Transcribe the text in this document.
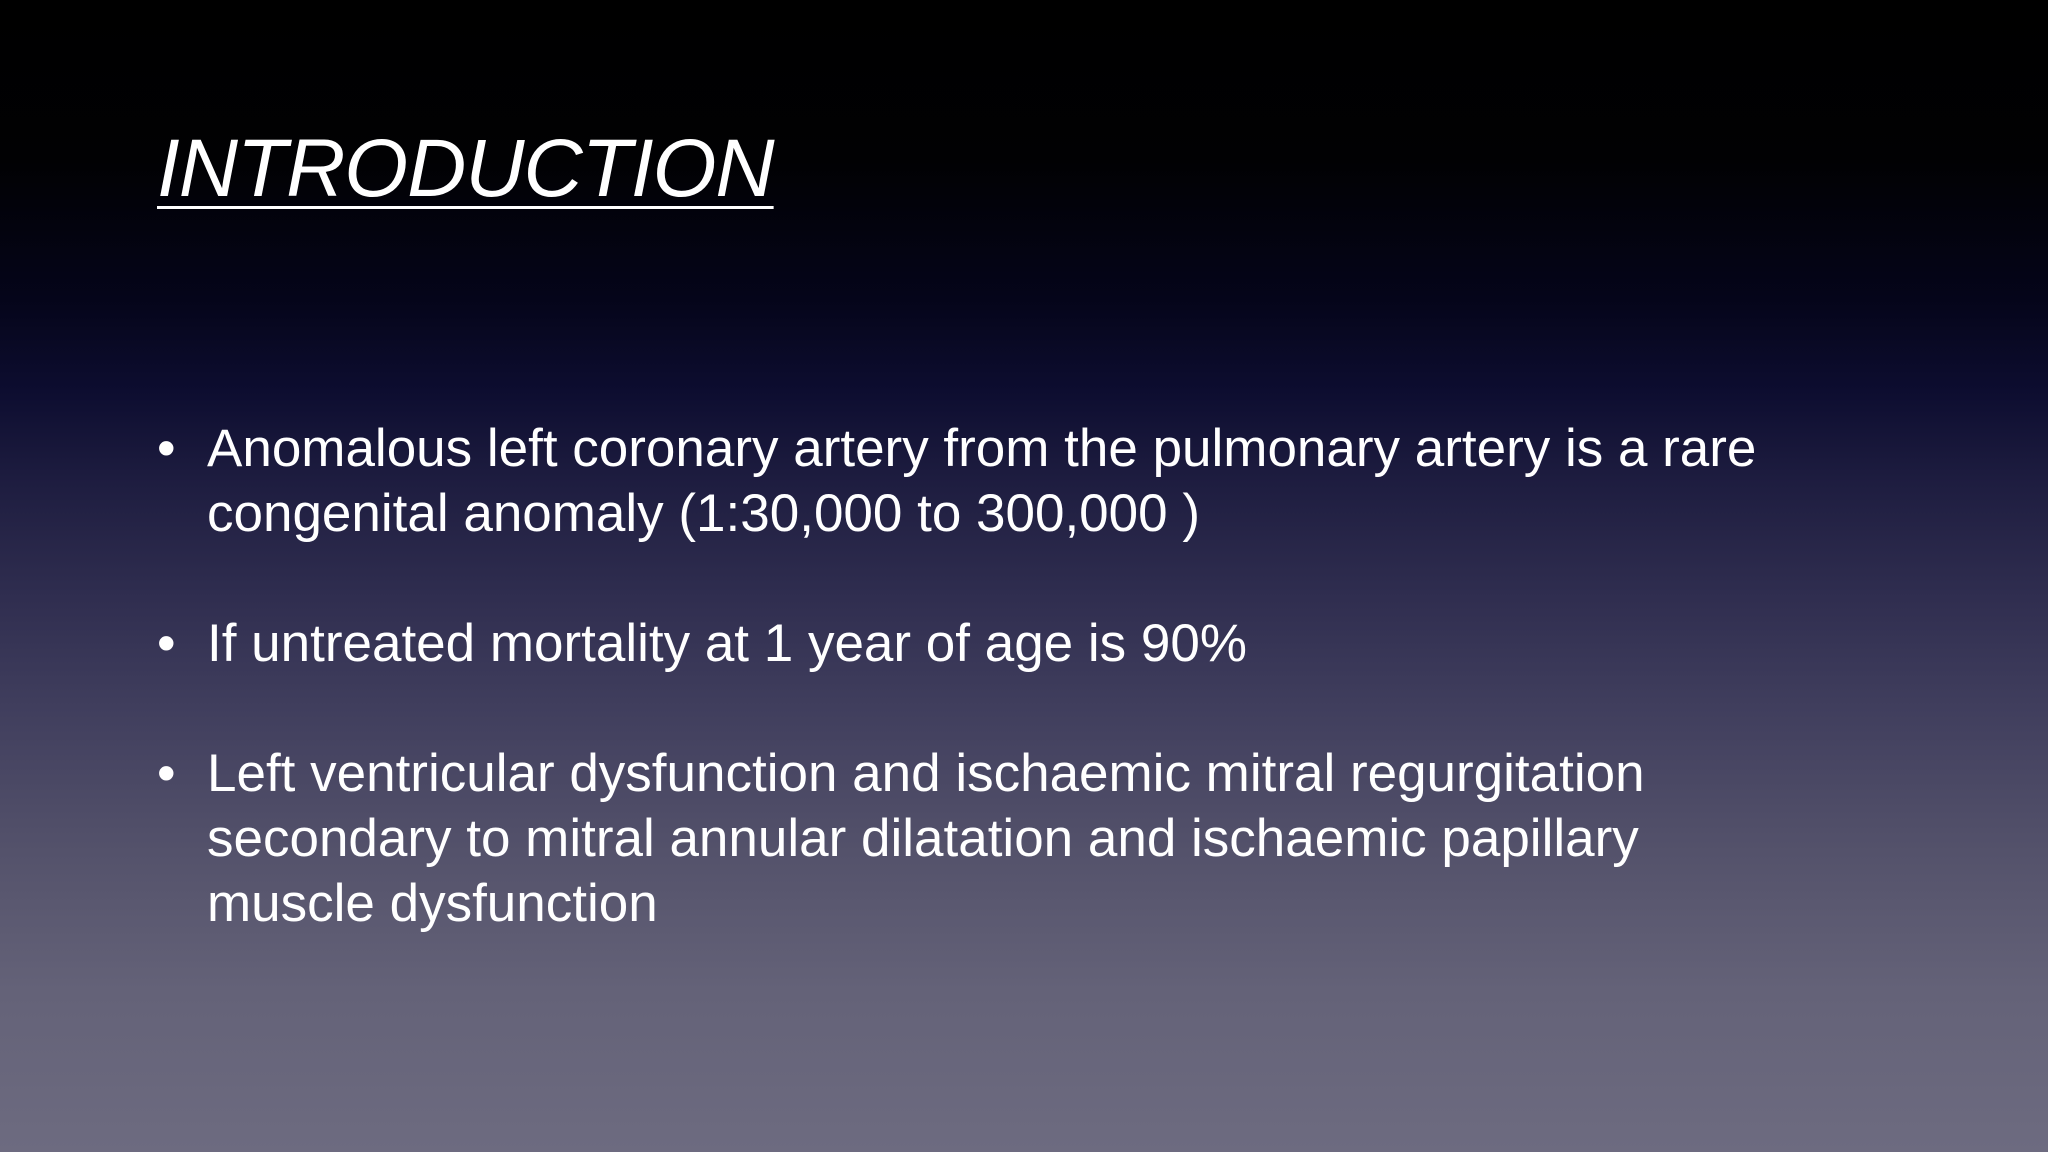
INTRODUCTION
• Anomalous left coronary artery from the pulmonary artery is a rare
congenital anomaly (1:30,000 to 300,000 )
• If untreated mortality at 1 year of age is 90%
• Left ventricular dysfunction and ischaemic mitral regurgitation
secondary to mitral annular dilatation and ischaemic papillary
muscle dysfunction
